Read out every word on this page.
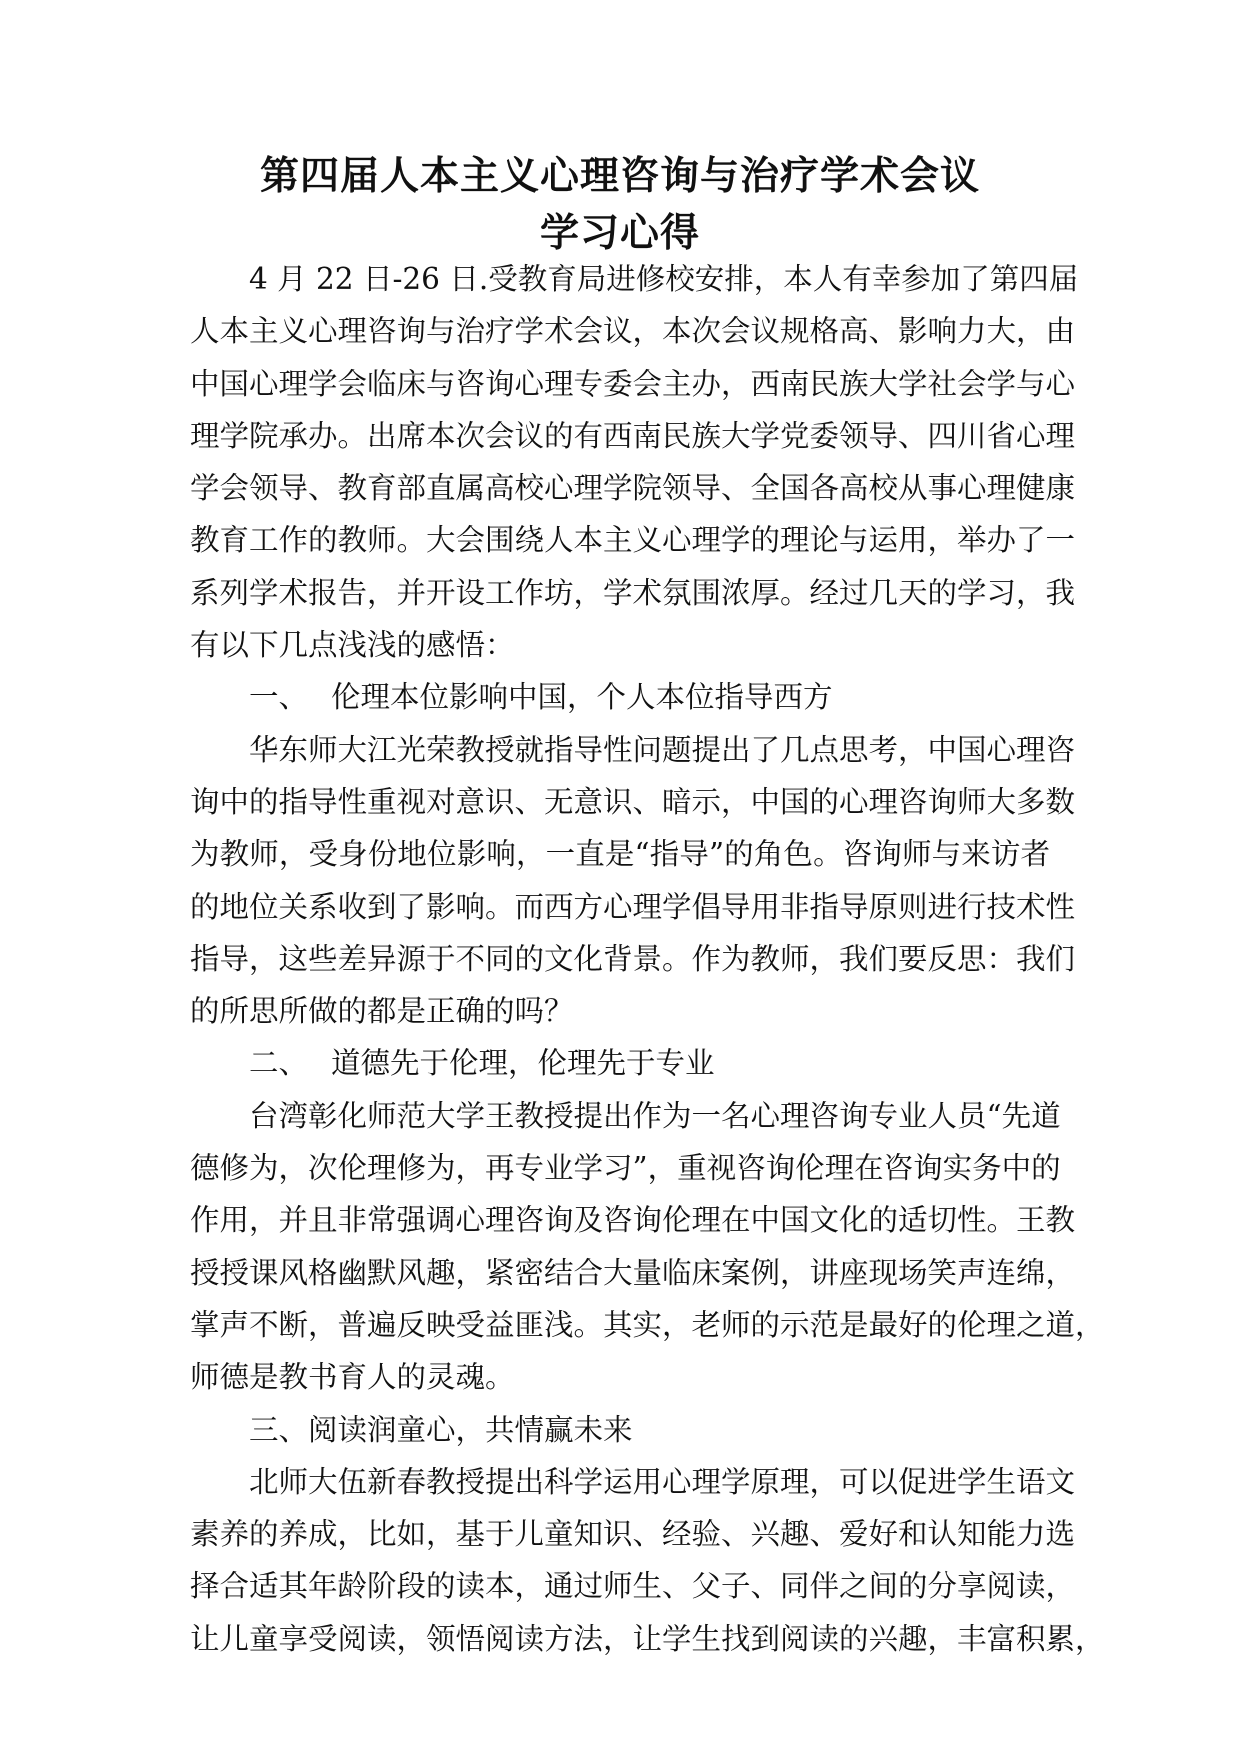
第四届人本主义心理咨询与治疗学术会议
学习心得
4 月 22 日-26 日.受教育局进修校安排，本人有幸参加了第四届
人本主义心理咨询与治疗学术会议，本次会议规格高、影响力大，由
中国心理学会临床与咨询心理专委会主办，西南民族大学社会学与心
理学院承办。出席本次会议的有西南民族大学党委领导、四川省心理
学会领导、教育部直属高校心理学院领导、全国各高校从事心理健康
教育工作的教师。大会围绕人本主义心理学的理论与运用，举办了一
系列学术报告，并开设工作坊，学术氛围浓厚。经过几天的学习，我
有以下几点浅浅的感悟：
一、 伦理本位影响中国，个人本位指导西方
华东师大江光荣教授就指导性问题提出了几点思考，中国心理咨
询中的指导性重视对意识、无意识、暗示，中国的心理咨询师大多数
为教师，受身份地位影响，一直是“指导”的角色。咨询师与来访者
的地位关系收到了影响。而西方心理学倡导用非指导原则进行技术性
指导，这些差异源于不同的文化背景。作为教师，我们要反思：我们
的所思所做的都是正确的吗？
二、 道德先于伦理，伦理先于专业
台湾彰化师范大学王教授提出作为一名心理咨询专业人员“先道
德修为，次伦理修为，再专业学习”，重视咨询伦理在咨询实务中的
作用，并且非常强调心理咨询及咨询伦理在中国文化的适切性。王教
授授课风格幽默风趣，紧密结合大量临床案例，讲座现场笑声连绵，
掌声不断，普遍反映受益匪浅。其实，老师的示范是最好的伦理之道，
师德是教书育人的灵魂。
三、阅读润童心，共情赢未来
北师大伍新春教授提出科学运用心理学原理，可以促进学生语文
素养的养成，比如，基于儿童知识、经验、兴趣、爱好和认知能力选
择合适其年龄阶段的读本，通过师生、父子、同伴之间的分享阅读，
让儿童享受阅读，领悟阅读方法，让学生找到阅读的兴趣，丰富积累，
